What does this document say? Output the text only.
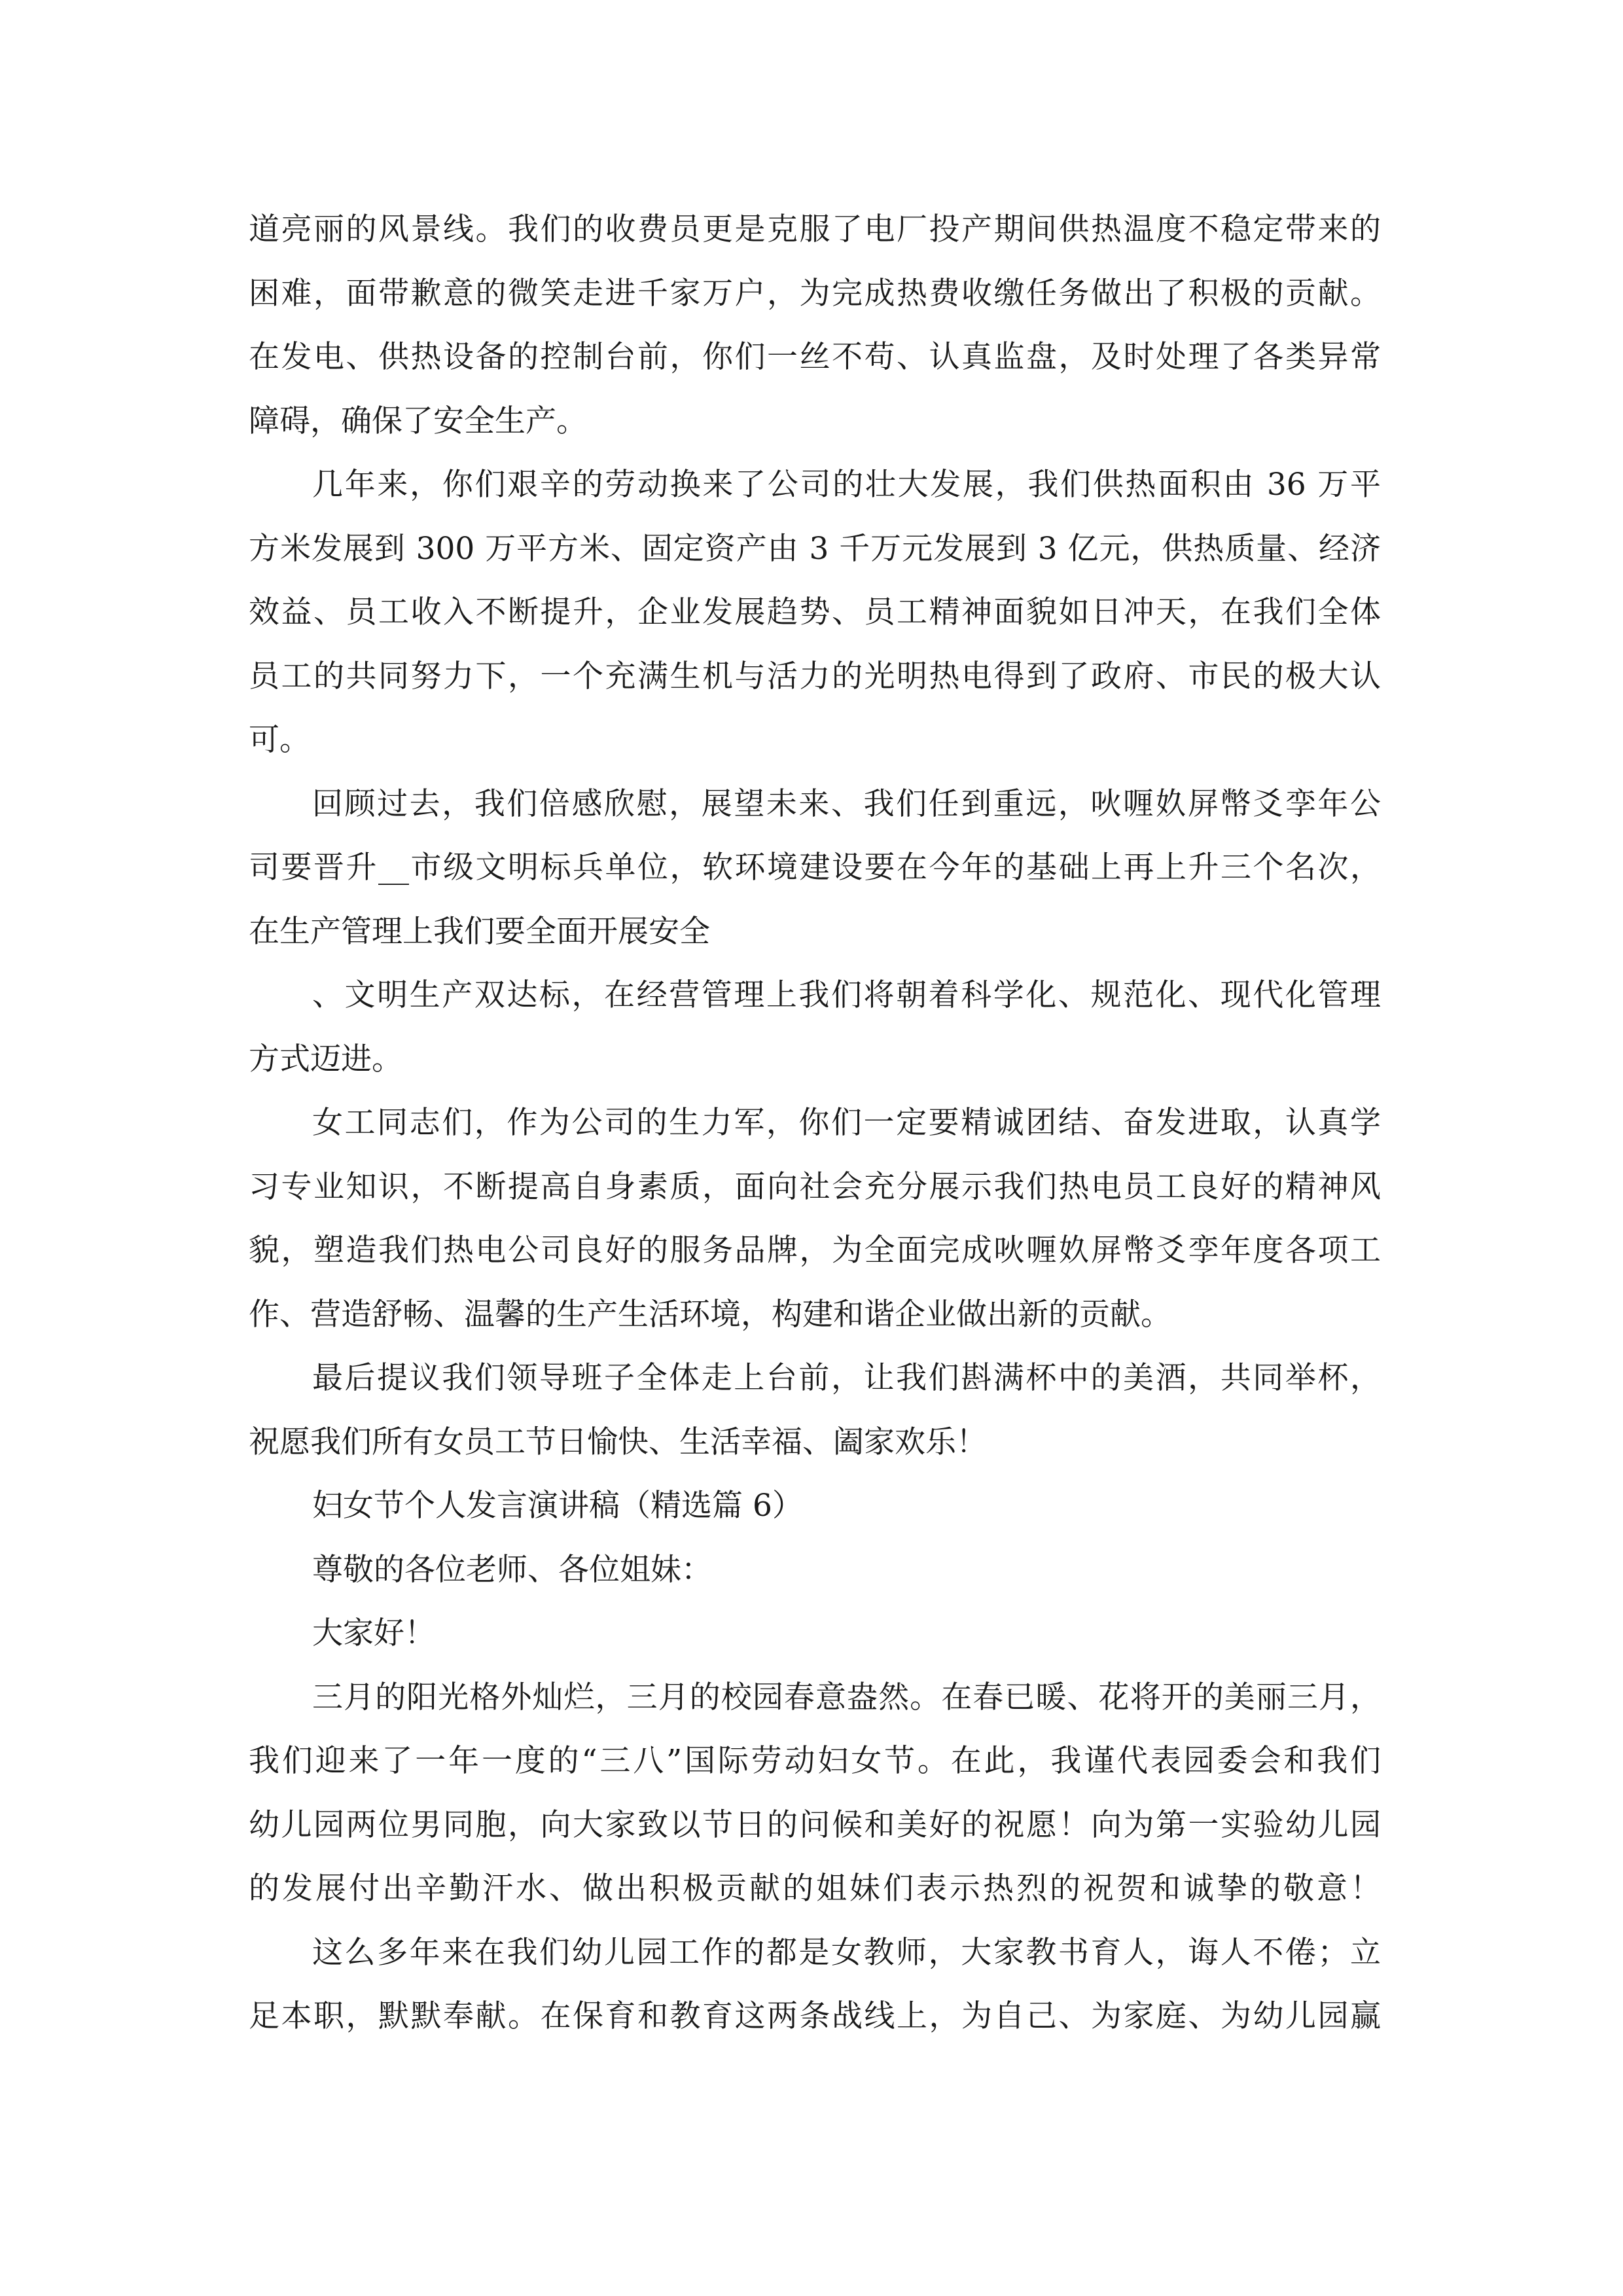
道亮丽的风景线。我们的收费员更是克服了电厂投产期间供热温度不稳定带来的
困难，面带歉意的微笑走进千家万户，为完成热费收缴任务做出了积极的贡献。
在发电、供热设备的控制台前，你们一丝不苟、认真监盘，及时处理了各类异常
障碍，确保了安全生产。
几年来，你们艰辛的劳动换来了公司的壮大发展，我们供热面积由 36 万平
方米发展到 300 万平方米、固定资产由 3 千万元发展到 3 亿元，供热质量、经济
效益、员工收入不断提升，企业发展趋势、员工精神面貌如日冲天，在我们全体
员工的共同努力下，一个充满生机与活力的光明热电得到了政府、市民的极大认
可。
回顾过去，我们倍感欣慰，展望未来、我们任到重远，吙喱奺屏幣爻孪年公
司要晋升__市级文明标兵单位，软环境建设要在今年的基础上再上升三个名次，
在生产管理上我们要全面开展安全
、文明生产双达标，在经营管理上我们将朝着科学化、规范化、现代化管理
方式迈进。
女工同志们，作为公司的生力军，你们一定要精诚团结、奋发进取，认真学
习专业知识，不断提高自身素质，面向社会充分展示我们热电员工良好的精神风
貌，塑造我们热电公司良好的服务品牌，为全面完成吙喱奺屏幣爻孪年度各项工
作、营造舒畅、温馨的生产生活环境，构建和谐企业做出新的贡献。
最后提议我们领导班子全体走上台前，让我们斟满杯中的美酒，共同举杯，
祝愿我们所有女员工节日愉快、生活幸福、阖家欢乐！
妇女节个人发言演讲稿（精选篇 6）
尊敬的各位老师、各位姐妹：
大家好！
三月的阳光格外灿烂，三月的校园春意盎然。在春已暖、花将开的美丽三月，
我们迎来了一年一度的“三八”国际劳动妇女节。在此，我谨代表园委会和我们
幼儿园两位男同胞，向大家致以节日的问候和美好的祝愿！向为第一实验幼儿园
的发展付出辛勤汗水、做出积极贡献的姐妹们表示热烈的祝贺和诚挚的敬意！
这么多年来在我们幼儿园工作的都是女教师，大家教书育人，诲人不倦；立
足本职，默默奉献。在保育和教育这两条战线上，为自己、为家庭、为幼儿园赢
